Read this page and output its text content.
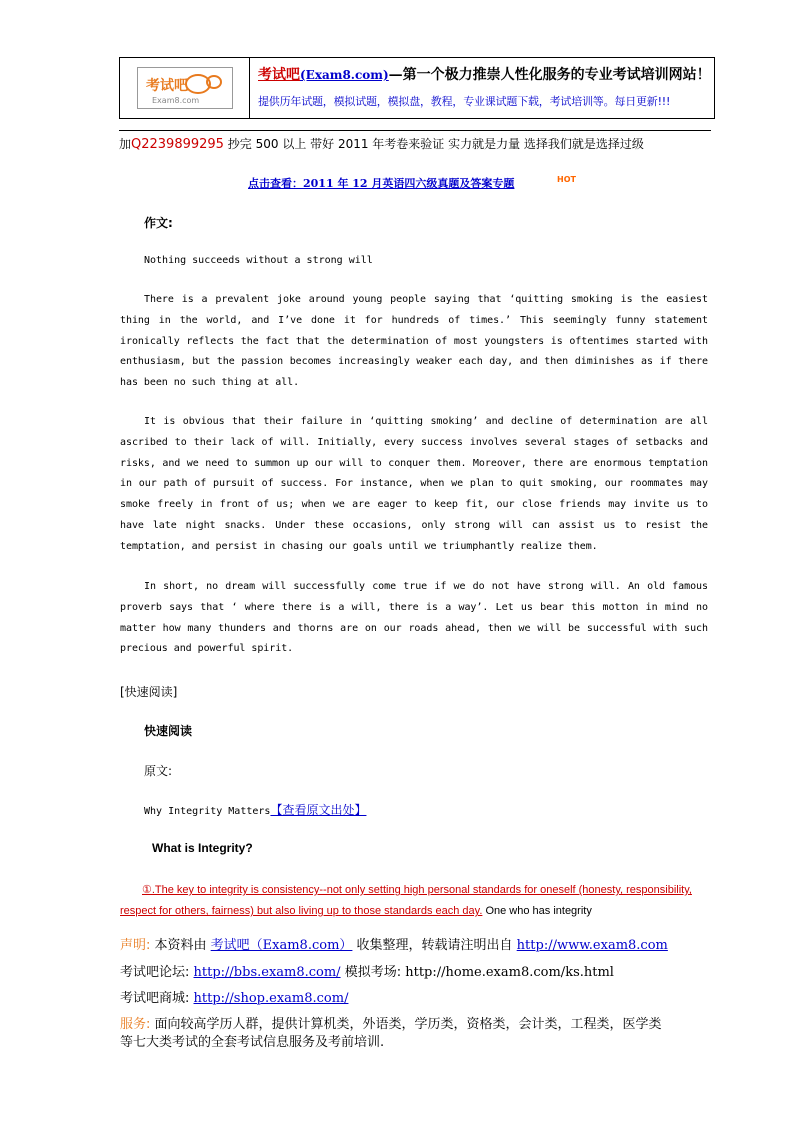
考试吧
Exam8.com
考试吧(Exam8.com)—第一个极力推崇人性化服务的专业考试培训网站！
提供历年试题，模拟试题，模拟盘，教程，专业课试题下载，考试培训等。每日更新!!!
加Q2239899295 抄完 500 以上 带好 2011 年考卷来验证 实力就是力量 选择我们就是选择过级
点击查看：2011 年 12 月英语四六级真题及答案专题	HOT
作文:
Nothing succeeds without a strong will

There is a prevalent joke around young people saying that ‘quitting smoking is the easiest thing in the world, and I’ve done it for hundreds of times.’ This seemingly funny statement ironically reflects the fact that the determination of most youngsters is oftentimes started with enthusiasm, but the passion becomes increasingly weaker each day, and then diminishes as if there has been no such thing at all.

It is obvious that their failure in ‘quitting smoking’ and decline of determination are all ascribed to their lack of will. Initially, every success involves several stages of setbacks and risks, and we need to summon up our will to conquer them. Moreover, there are enormous temptation in our path of pursuit of success. For instance, when we plan to quit smoking, our roommates may smoke freely in front of us; when we are eager to keep fit, our close friends may invite us to have late night snacks. Under these occasions, only strong will can assist us to resist the temptation, and persist in chasing our goals until we triumphantly realize them.

In short, no dream will successfully come true if we do not have strong will. An old famous proverb says that ‘ where there is a will, there is a way’. Let us bear this motton in mind no matter how many thunders and thorns are on our roads ahead, then we will be successful with such precious and powerful spirit.

[快速阅读]
快速阅读
原文:
Why Integrity Matters【查看原文出处】
What is Integrity?

①.The key to integrity is consistency--not only setting high personal standards for oneself (honesty, responsibility, respect for others, fairness) but also living up to those standards each day. One who has integrity

声明: 本资料由 考试吧（Exam8.com） 收集整理，转载请注明出自 http://www.exam8.com
考试吧论坛: http://bbs.exam8.com/ 模拟考场: http://home.exam8.com/ks.html
考试吧商城: http://shop.exam8.com/
服务: 面向较高学历人群，提供计算机类，外语类，学历类，资格类，会计类，工程类，医学类
等七大类考试的全套考试信息服务及考前培训.
